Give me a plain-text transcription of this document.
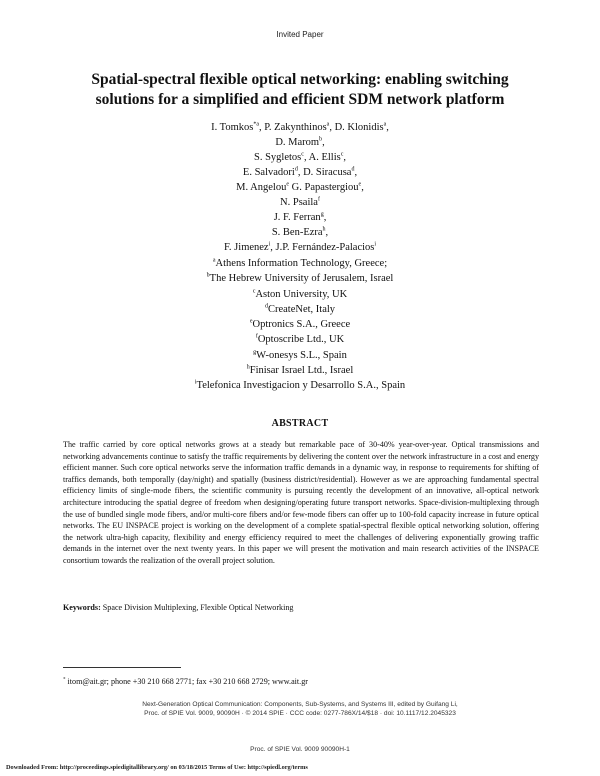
Invited Paper
Spatial-spectral flexible optical networking: enabling switching
solutions for a simplified and efficient SDM network platform
I. Tomkos$^{*a}$, P. Zakynthinos$^a$, D. Klonidis$^a$,
D. Marom$^b$,
S. Sygletos$^c$, A. Ellis$^c$,
E. Salvadori$^d$, D. Siracusa$^d$,
M. Angelou$^e$ G. Papastergiou$^e$,
N. Psaila$^f$
J. F. Ferran$^g$,
S. Ben-Ezra$^h$,
F. Jimenez$^i$, J.P. Fernández-Palacios$^i$
$^a$Athens Information Technology, Greece;
$^b$The Hebrew University of Jerusalem, Israel
$^c$Aston University, UK
$^d$CreateNet, Italy
$^e$Optronics S.A., Greece
$^f$Optoscribe Ltd., UK
$^g$W-onesys S.L., Spain
$^h$Finisar Israel Ltd., Israel
$^i$Telefonica Investigacion y Desarrollo S.A., Spain
ABSTRACT
The traffic carried by core optical networks grows at a steady but remarkable pace of 30-40% year-over-year. Optical transmissions and networking advancements continue to satisfy the traffic requirements by delivering the content over the network infrastructure in a cost and energy efficient manner. Such core optical networks serve the information traffic demands in a dynamic way, in response to requirements for shifting of traffics demands, both temporally (day/night) and spatially (business district/residential). However as we are approaching fundamental spectral efficiency limits of single-mode fibers, the scientific community is pursuing recently the development of an innovative, all-optical network architecture introducing the spatial degree of freedom when designing/operating future transport networks. Space-division-multiplexing through the use of bundled single mode fibers, and/or multi-core fibers and/or few-mode fibers can offer up to 100-fold capacity increase in future optical networks. The EU INSPACE project is working on the development of a complete spatial-spectral flexible optical networking solution, offering the network ultra-high capacity, flexibility and energy efficiency required to meet the challenges of delivering exponentially growing traffic demands in the internet over the next twenty years. In this paper we will present the motivation and main research activities of the INSPACE consortium towards the realization of the overall project solution.
Keywords: Space Division Multiplexing, Flexible Optical Networking
* itom@ait.gr; phone +30 210 668 2771; fax +30 210 668 2729; www.ait.gr
Next-Generation Optical Communication: Components, Sub-Systems, and Systems III, edited by Guifang Li,
Proc. of SPIE Vol. 9009, 90090H · © 2014 SPIE · CCC code: 0277-786X/14/$18 · doi: 10.1117/12.2045323
Proc. of SPIE Vol. 9009 90090H-1
Downloaded From: http://proceedings.spiedigitallibrary.org/ on 03/18/2015 Terms of Use: http://spiedl.org/terms
